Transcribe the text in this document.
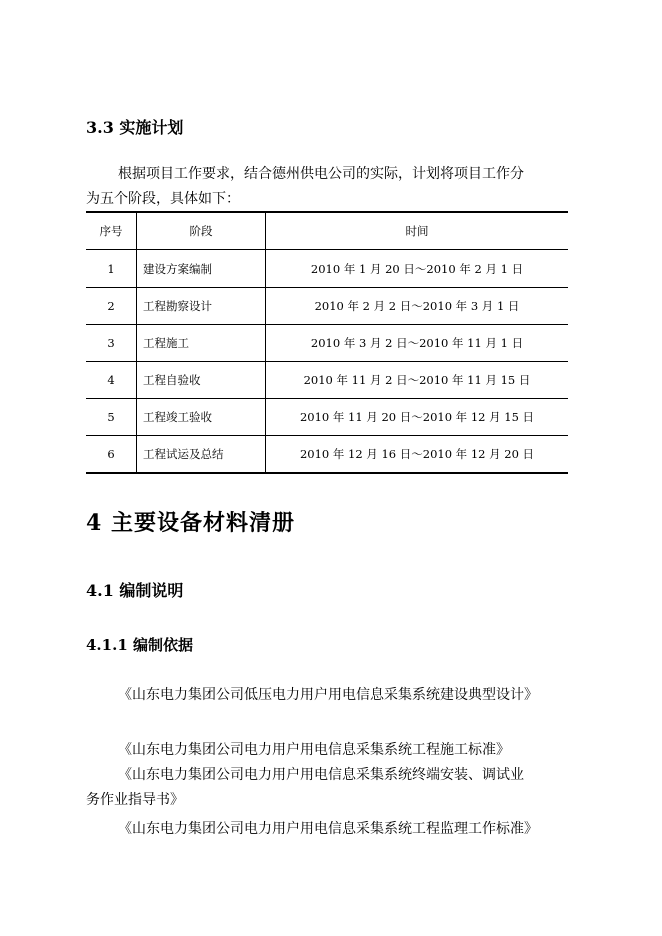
3.3 实施计划
根据项目工作要求，结合德州供电公司的实际，计划将项目工作分
为五个阶段，具体如下：
序号	阶段	时间
1	建设方案编制	2010 年 1 月 20 日～2010 年 2 月 1 日
2	工程勘察设计	2010 年 2 月 2 日～2010 年 3 月 1 日
3	工程施工	2010 年 3 月 2 日～2010 年 11 月 1 日
4	工程自验收	2010 年 11 月 2 日～2010 年 11 月 15 日
5	工程竣工验收	2010 年 11 月 20 日～2010 年 12 月 15 日
6	工程试运及总结	2010 年 12 月 16 日～2010 年 12 月 20 日
4 主要设备材料清册
4.1 编制说明
4.1.1 编制依据
《山东电力集团公司低压电力用户用电信息采集系统建设典型设计》
《山东电力集团公司电力用户用电信息采集系统工程施工标准》
《山东电力集团公司电力用户用电信息采集系统终端安装、调试业
务作业指导书》
《山东电力集团公司电力用户用电信息采集系统工程监理工作标准》
